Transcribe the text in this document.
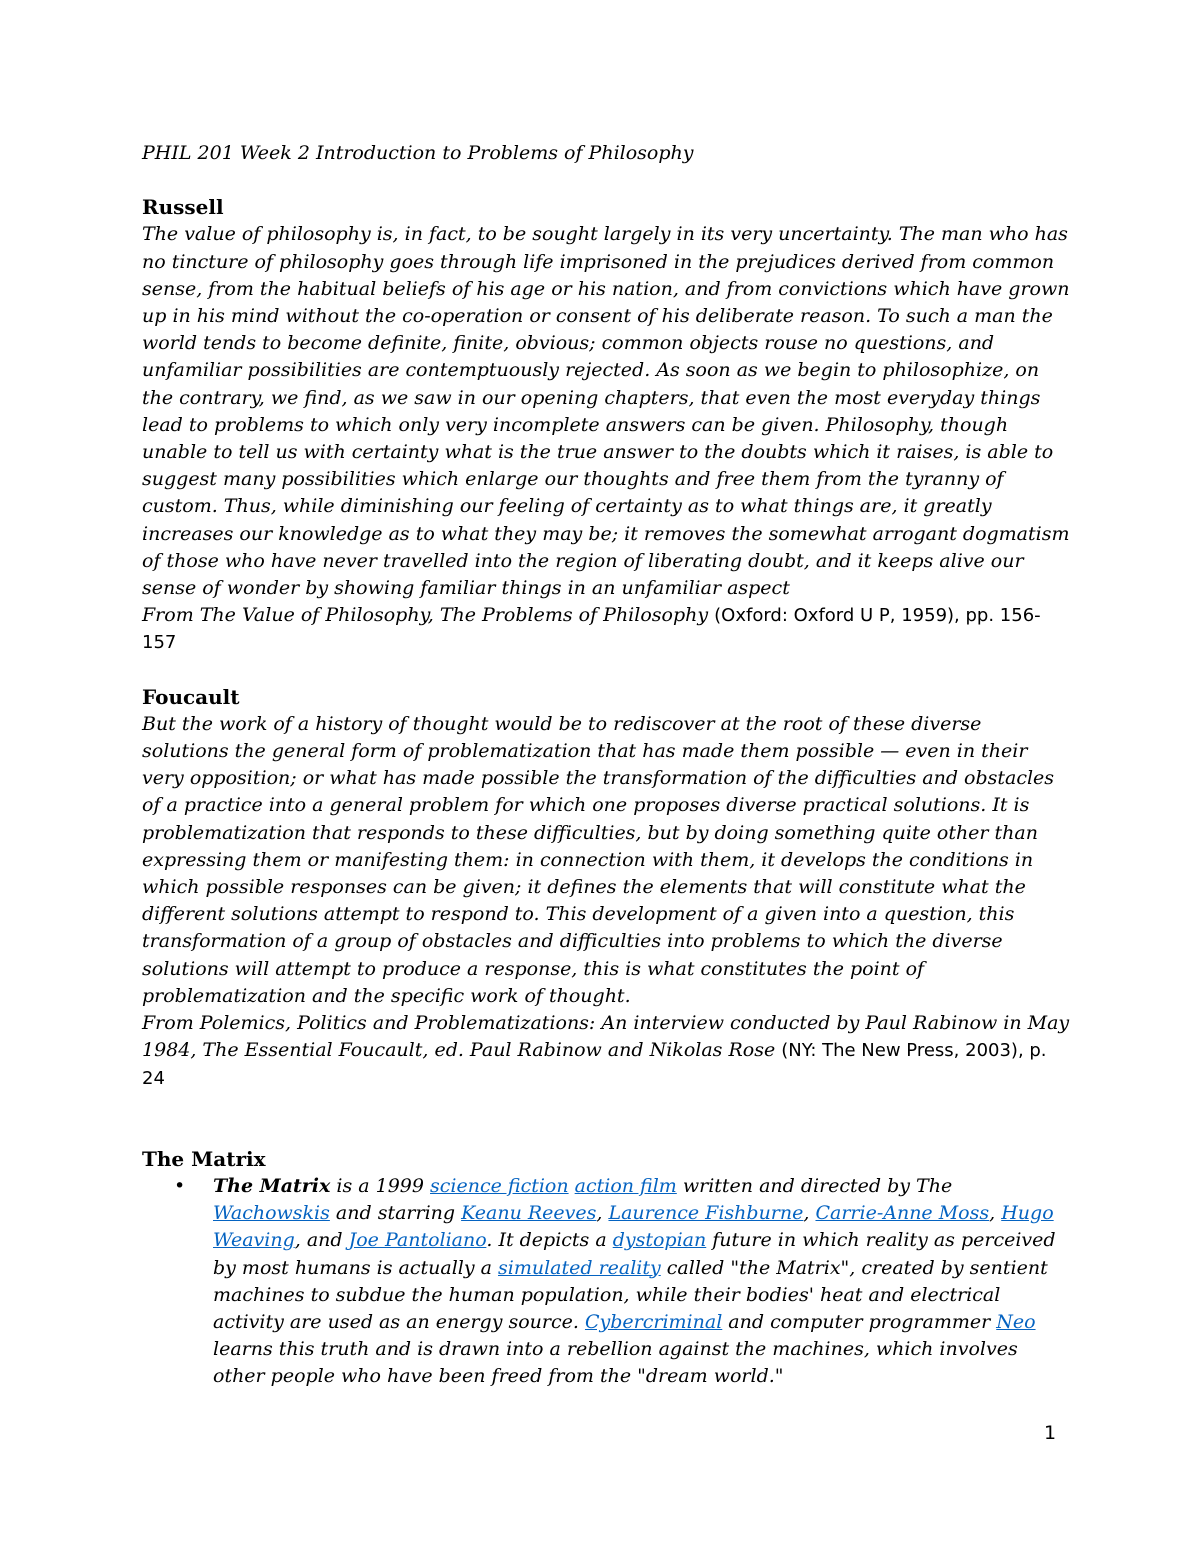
PHIL 201 Week 2 Introduction to Problems of Philosophy

Russell

The value of philosophy is, in fact, to be sought largely in its very uncertainty. The man who has no tincture of philosophy goes through life imprisoned in the prejudices derived from common sense, from the habitual beliefs of his age or his nation, and from convictions which have grown up in his mind without the co-operation or consent of his deliberate reason. To such a man the world tends to become definite, finite, obvious; common objects rouse no questions, and unfamiliar possibilities are contemptuously rejected. As soon as we begin to philosophize, on the contrary, we find, as we saw in our opening chapters, that even the most everyday things lead to problems to which only very incomplete answers can be given. Philosophy, though unable to tell us with certainty what is the true answer to the doubts which it raises, is able to suggest many possibilities which enlarge our thoughts and free them from the tyranny of custom. Thus, while diminishing our feeling of certainty as to what things are, it greatly increases our knowledge as to what they may be; it removes the somewhat arrogant dogmatism of those who have never travelled into the region of liberating doubt, and it keeps alive our sense of wonder by showing familiar things in an unfamiliar aspect

From The Value of Philosophy, The Problems of Philosophy (Oxford: Oxford U P, 1959), pp. 156-157

Foucault

But the work of a history of thought would be to rediscover at the root of these diverse solutions the general form of problematization that has made them possible — even in their very opposition; or what has made possible the transformation of the difficulties and obstacles of a practice into a general problem for which one proposes diverse practical solutions. It is problematization that responds to these difficulties, but by doing something quite other than expressing them or manifesting them: in connection with them, it develops the conditions in which possible responses can be given; it defines the elements that will constitute what the different solutions attempt to respond to. This development of a given into a question, this transformation of a group of obstacles and difficulties into problems to which the diverse solutions will attempt to produce a response, this is what constitutes the point of problematization and the specific work of thought.

From Polemics, Politics and Problematizations: An interview conducted by Paul Rabinow in May 1984, The Essential Foucault, ed. Paul Rabinow and Nikolas Rose (NY: The New Press, 2003), p. 24

The Matrix

• The Matrix is a 1999 science fiction action film written and directed by The Wachowskis and starring Keanu Reeves, Laurence Fishburne, Carrie-Anne Moss, Hugo Weaving, and Joe Pantoliano. It depicts a dystopian future in which reality as perceived by most humans is actually a simulated reality called "the Matrix", created by sentient machines to subdue the human population, while their bodies' heat and electrical activity are used as an energy source. Cybercriminal and computer programmer Neo learns this truth and is drawn into a rebellion against the machines, which involves other people who have been freed from the "dream world."
1
